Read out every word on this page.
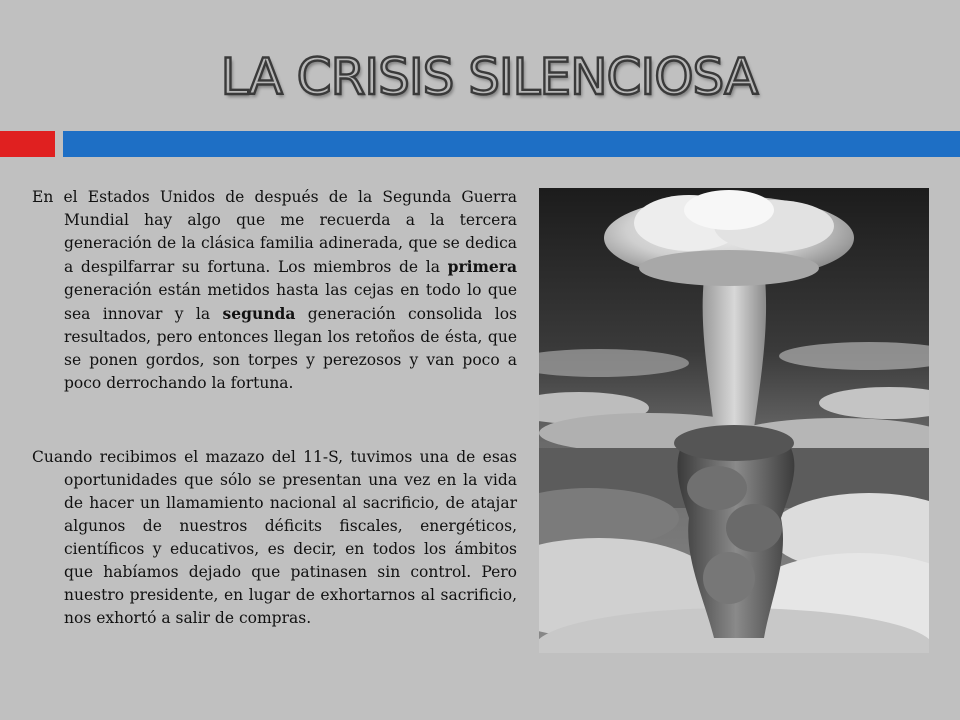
LA CRISIS SILENCIOSA
En el Estados Unidos de después de la Segunda Guerra Mundial hay algo que me recuerda a la tercera generación de la clásica familia adinerada, que se dedica a despilfarrar su fortuna. Los miembros de la primera generación están metidos hasta las cejas en todo lo que sea innovar y la segunda generación consolida los resultados, pero entonces llegan los retoños de ésta, que se ponen gordos, son torpes y perezosos y van poco a poco derrochando la fortuna.
Cuando recibimos el mazazo del 11-S, tuvimos una de esas oportunidades que sólo se presentan una vez en la vida de hacer un llamamiento nacional al sacrificio, de atajar algunos de nuestros déficits fiscales, energéticos, científicos y educativos, es decir, en todos los ámbitos que habíamos dejado que patinasen sin control. Pero nuestro presidente, en lugar de exhortarnos al sacrificio, nos exhortó a salir de compras.
